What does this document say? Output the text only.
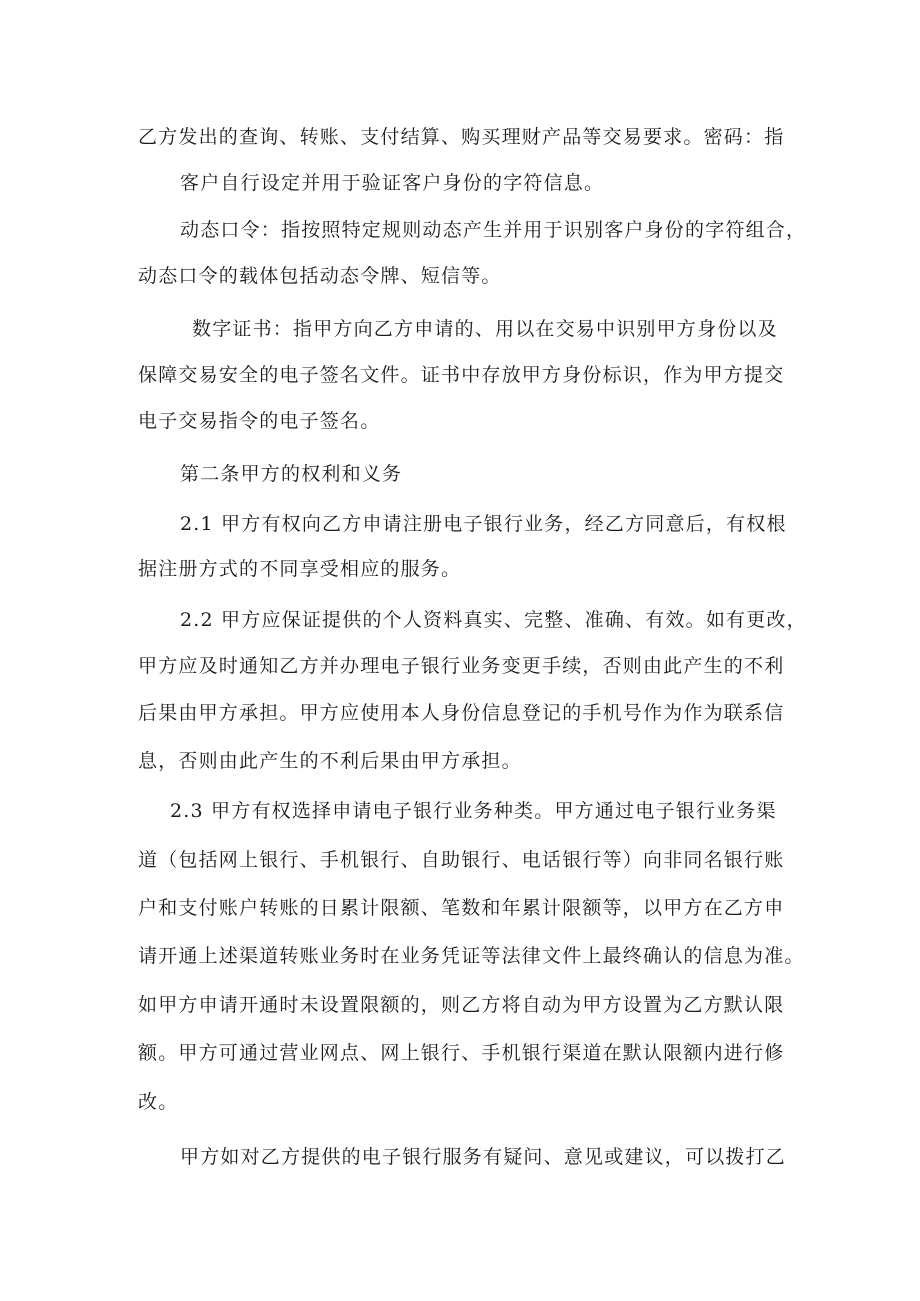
乙方发出的查询、转账、支付结算、购买理财产品等交易要求。密码：指
客户自行设定并用于验证客户身份的字符信息。
动态口令：指按照特定规则动态产生并用于识别客户身份的字符组合，
动态口令的载体包括动态令牌、短信等。
数字证书：指甲方向乙方申请的、用以在交易中识别甲方身份以及
保障交易安全的电子签名文件。证书中存放甲方身份标识，作为甲方提交
电子交易指令的电子签名。
第二条甲方的权利和义务
2.1 甲方有权向乙方申请注册电子银行业务，经乙方同意后，有权根
据注册方式的不同享受相应的服务。
2.2 甲方应保证提供的个人资料真实、完整、准确、有效。如有更改，
甲方应及时通知乙方并办理电子银行业务变更手续，否则由此产生的不利
后果由甲方承担。甲方应使用本人身份信息登记的手机号作为作为联系信
息，否则由此产生的不利后果由甲方承担。
2.3 甲方有权选择申请电子银行业务种类。甲方通过电子银行业务渠
道（包括网上银行、手机银行、自助银行、电话银行等）向非同名银行账
户和支付账户转账的日累计限额、笔数和年累计限额等，以甲方在乙方申
请开通上述渠道转账业务时在业务凭证等法律文件上最终确认的信息为准。
如甲方申请开通时未设置限额的，则乙方将自动为甲方设置为乙方默认限
额。甲方可通过营业网点、网上银行、手机银行渠道在默认限额内进行修
改。
甲方如对乙方提供的电子银行服务有疑问、意见或建议，可以拨打乙
